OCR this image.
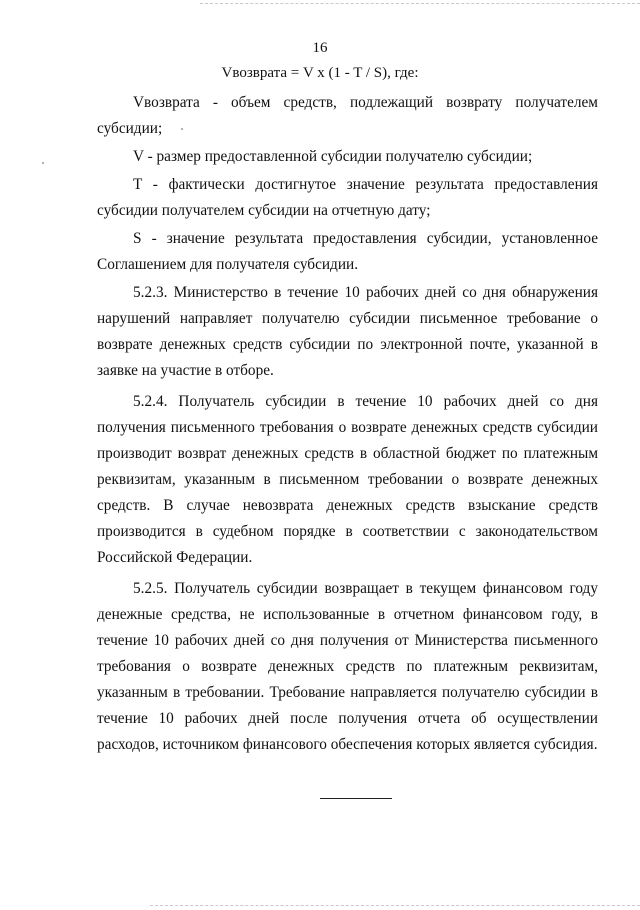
16
Vвозврата = V x (1 - T / S), где:

Vвозврата - объем средств, подлежащий возврату получателем субсидии;

V - размер предоставленной субсидии получателю субсидии;

T - фактически достигнутое значение результата предоставления субсидии получателем субсидии на отчетную дату;

S - значение результата предоставления субсидии, установленное Соглашением для получателя субсидии.

5.2.3. Министерство в течение 10 рабочих дней со дня обнаружения нарушений направляет получателю субсидии письменное требование о возврате денежных средств субсидии по электронной почте, указанной в заявке на участие в отборе.

5.2.4. Получатель субсидии в течение 10 рабочих дней со дня получения письменного требования о возврате денежных средств субсидии производит возврат денежных средств в областной бюджет по платежным реквизитам, указанным в письменном требовании о возврате денежных средств. В случае невозврата денежных средств взыскание средств производится в судебном порядке в соответствии с законодательством Российской Федерации.

5.2.5. Получатель субсидии возвращает в текущем финансовом году денежные средства, не использованные в отчетном финансовом году, в течение 10 рабочих дней со дня получения от Министерства письменного требования о возврате денежных средств по платежным реквизитам, указанным в требовании. Требование направляется получателю субсидии в течение 10 рабочих дней после получения отчета об осуществлении расходов, источником финансового обеспечения которых является субсидия.
